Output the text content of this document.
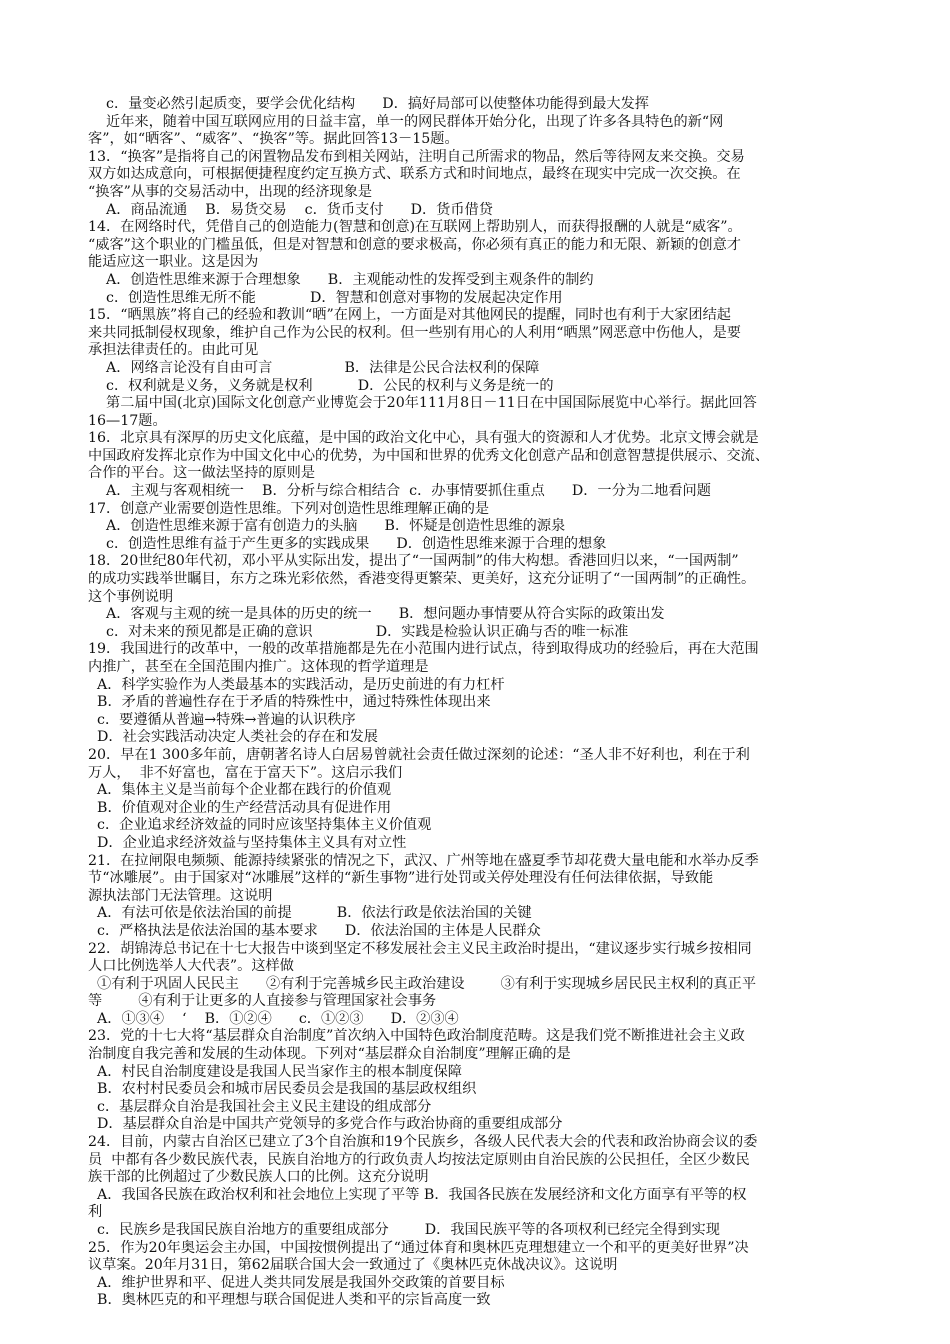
c．量变必然引起质变，要学会优化结构      D．搞好局部可以使整体功能得到最大发挥
近年来，随着中国互联网应用的日益丰富，单一的网民群体开始分化，出现了许多各具特色的新“网
客”，如“晒客”、“威客”、“换客”等。据此回答13－15题。
13．“换客”是指将自己的闲置物品发布到相关网站，注明自己所需求的物品，然后等待网友来交换。交易
双方如达成意向，可根据便捷程度约定互换方式、联系方式和时间地点，最终在现实中完成一次交换。在
“换客”从事的交易活动中，出现的经济现象是
A．商品流通    B．易货交易    c．货币支付      D．货币借贷
14．在网络时代，凭借自己的创造能力(智慧和创意)在互联网上帮助别人，而获得报酬的人就是“威客”。
“威客”这个职业的门槛虽低，但是对智慧和创意的要求极高，你必须有真正的能力和无限、新颖的创意才
能适应这一职业。这是因为
A．创造性思维来源于合理想象      B．主观能动性的发挥受到主观条件的制约
c．创造性思维无所不能            D．智慧和创意对事物的发展起决定作用
15．“晒黑族”将自己的经验和教训“晒”在网上，一方面是对其他网民的提醒，同时也有利于大家团结起
来共同抵制侵权现象，维护自己作为公民的权利。但一些别有用心的人利用“晒黑”网恶意中伤他人，是要
承担法律责任的。由此可见
A．网络言论没有自由可言                B．法律是公民合法权利的保障
c．权利就是义务，义务就是权利          D．公民的权利与义务是统一的
第二届中国(北京)国际文化创意产业博览会于20年111月8日－11日在中国国际展览中心举行。据此回答
16—17题。
16．北京具有深厚的历史文化底蕴，是中国的政治文化中心，具有强大的资源和人才优势。北京文博会就是
中国政府发挥北京作为中国文化中心的优势，为中国和世界的优秀文化创意产品和创意智慧提供展示、交流、
合作的平台。这一做法坚持的原则是
A．主观与客观相统一    B．分析与综合相结合  c．办事情要抓住重点      D．一分为二地看问题
17．创意产业需要创造性思维。下列对创造性思维理解正确的是
A．创造性思维来源于富有创造力的头脑      B．怀疑是创造性思维的源泉
c．创造性思维有益于产生更多的实践成果      D．创造性思维来源于合理的想象
18．20世纪80年代初，邓小平从实际出发，提出了“一国两制”的伟大构想。香港回归以来，“一国两制”
的成功实践举世瞩目，东方之珠光彩依然，香港变得更繁荣、更美好，这充分证明了“一国两制”的正确性。
这个事例说明
A．客观与主观的统一是具体的历史的统一      B．想问题办事情要从符合实际的政策出发
c．对未来的预见都是正确的意识              D．实践是检验认识正确与否的唯一标准
19．我国进行的改革中，一般的改革措施都是先在小范围内进行试点，待到取得成功的经验后，再在大范围
内推广，甚至在全国范围内推广。这体现的哲学道理是
A．科学实验作为人类最基本的实践活动，是历史前进的有力杠杆
B．矛盾的普遍性存在于矛盾的特殊性中，通过特殊性体现出来
c．要遵循从普遍→特殊→普遍的认识秩序
D．社会实践活动决定人类社会的存在和发展
20．早在1 300多年前，唐朝著名诗人白居易曾就社会责任做过深刻的论述：“圣人非不好利也，利在于利
万人，  非不好富也，富在于富天下”。这启示我们
A．集体主义是当前每个企业都在践行的价值观
B．价值观对企业的生产经营活动具有促进作用
c．企业追求经济效益的同时应该坚持集体主义价值观
D．企业追求经济效益与坚持集体主义具有对立性
21．在拉闸限电频频、能源持续紧张的情况之下，武汉、广州等地在盛夏季节却花费大量电能和水举办反季
节“冰雕展”。由于国家对“冰雕展”这样的“新生事物”进行处罚或关停处理没有任何法律依据，导致能
源执法部门无法管理。这说明
A．有法可依是依法治国的前提          B．依法行政是依法治国的关键
c．严格执法是依法治国的基本要求      D．依法治国的主体是人民群众
22．胡锦涛总书记在十七大报告中谈到坚定不移发展社会主义民主政治时提出，“建议逐步实行城乡按相同
人口比例选举人大代表”。这样做
①有利于巩固人民民主      ②有利于完善城乡民主政治建设        ③有利于实现城乡居民民主权利的真正平
等        ④有利于让更多的人直接参与管理国家社会事务
A．①③④    ‘    B．①②④      c．①②③      D．②③④
23．党的十七大将“基层群众自治制度”首次纳入中国特色政治制度范畴。这是我们党不断推进社会主义政
治制度自我完善和发展的生动体现。下列对“基层群众自治制度”理解正确的是
A．村民自治制度建设是我国人民当家作主的根本制度保障
B．农村村民委员会和城市居民委员会是我国的基层政权组织
c．基层群众自治是我国社会主义民主建设的组成部分
D．基层群众自治是中国共产党领导的多党合作与政治协商的重要组成部分
24．目前，内蒙古自治区已建立了3个自治旗和19个民族乡，各级人民代表大会的代表和政治协商会议的委
员  中都有各少数民族代表，民族自治地方的行政负责人均按法定原则由自治民族的公民担任，全区少数民
族干部的比例超过了少数民族人口的比例。这充分说明
A．我国各民族在政治权利和社会地位上实现了平等 B．我国各民族在发展经济和文化方面享有平等的权
利
c．民族乡是我国民族自治地方的重要组成部分        D．我国民族平等的各项权利已经完全得到实现
25．作为20年奥运会主办国，中国按惯例提出了“通过体育和奥林匹克理想建立一个和平的更美好世界”决
议草案。20年月31日，第62届联合国大会一致通过了《奥林匹克休战决议》。这说明
A．维护世界和平、促进人类共同发展是我国外交政策的首要目标
B．奥林匹克的和平理想与联合国促进人类和平的宗旨高度一致
